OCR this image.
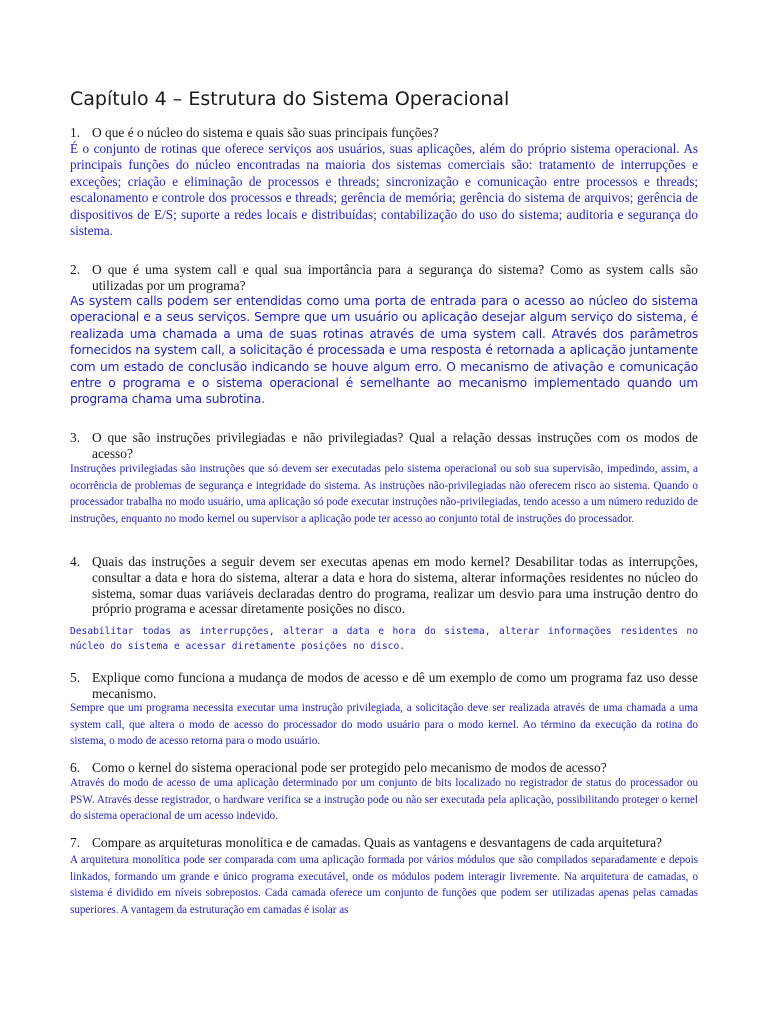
Capítulo 4 – Estrutura do Sistema Operacional
1. O que é o núcleo do sistema e quais são suas principais funções?
É o conjunto de rotinas que oferece serviços aos usuários, suas aplicações, além do próprio sistema operacional. As principais funções do núcleo encontradas na maioria dos sistemas comerciais são: tratamento de interrupções e exceções; criação e eliminação de processos e threads; sincronização e comunicação entre processos e threads; escalonamento e controle dos processos e threads; gerência de memória; gerência do sistema de arquivos; gerência de dispositivos de E/S; suporte a redes locais e distribuídas; contabilização do uso do sistema; auditoria e segurança do sistema.
2. O que é uma system call e qual sua importância para a segurança do sistema? Como as system calls são utilizadas por um programa?
As system calls podem ser entendidas como uma porta de entrada para o acesso ao núcleo do sistema operacional e a seus serviços. Sempre que um usuário ou aplicação desejar algum serviço do sistema, é realizada uma chamada a uma de suas rotinas através de uma system call. Através dos parâmetros fornecidos na system call, a solicitação é processada e uma resposta é retornada a aplicação juntamente com um estado de conclusão indicando se houve algum erro. O mecanismo de ativação e comunicação entre o programa e o sistema operacional é semelhante ao mecanismo implementado quando um programa chama uma subrotina.
3. O que são instruções privilegiadas e não privilegiadas? Qual a relação dessas instruções com os modos de acesso?
Instruções privilegiadas são instruções que só devem ser executadas pelo sistema operacional ou sob sua supervisão, impedindo, assim, a ocorrência de problemas de segurança e integridade do sistema. As instruções não-privilegiadas não oferecem risco ao sistema. Quando o processador trabalha no modo usuário, uma aplicação só pode executar instruções não-privilegiadas, tendo acesso a um número reduzido de instruções, enquanto no modo kernel ou supervisor a aplicação pode ter acesso ao conjunto total de instruções do processador.
4. Quais das instruções a seguir devem ser executas apenas em modo kernel? Desabilitar todas as interrupções, consultar a data e hora do sistema, alterar a data e hora do sistema, alterar informações residentes no núcleo do sistema, somar duas variáveis declaradas dentro do programa, realizar um desvio para uma instrução dentro do próprio programa e acessar diretamente posições no disco.
Desabilitar todas as interrupções, alterar a data e hora do sistema, alterar informações residentes no núcleo do sistema e acessar diretamente posições no disco.
5. Explique como funciona a mudança de modos de acesso e dê um exemplo de como um programa faz uso desse mecanismo.
Sempre que um programa necessita executar uma instrução privilegiada, a solicitação deve ser realizada através de uma chamada a uma system call, que altera o modo de acesso do processador do modo usuário para o modo kernel. Ao término da execução da rotina do sistema, o modo de acesso retorna para o modo usuário.
6. Como o kernel do sistema operacional pode ser protegido pelo mecanismo de modos de acesso?
Através do modo de acesso de uma aplicação determinado por um conjunto de bits localizado no registrador de status do processador ou PSW. Através desse registrador, o hardware verifica se a instrução pode ou não ser executada pela aplicação, possibilitando proteger o kernel do sistema operacional de um acesso indevido.
7. Compare as arquiteturas monolítica e de camadas. Quais as vantagens e desvantagens de cada arquitetura?
A arquitetura monolítica pode ser comparada com uma aplicação formada por vários módulos que são compilados separadamente e depois linkados, formando um grande e único programa executável, onde os módulos podem interagir livremente. Na arquitetura de camadas, o sistema é dividido em níveis sobrepostos. Cada camada oferece um conjunto de funções que podem ser utilizadas apenas pelas camadas superiores. A vantagem da estruturação em camadas é isolar as
